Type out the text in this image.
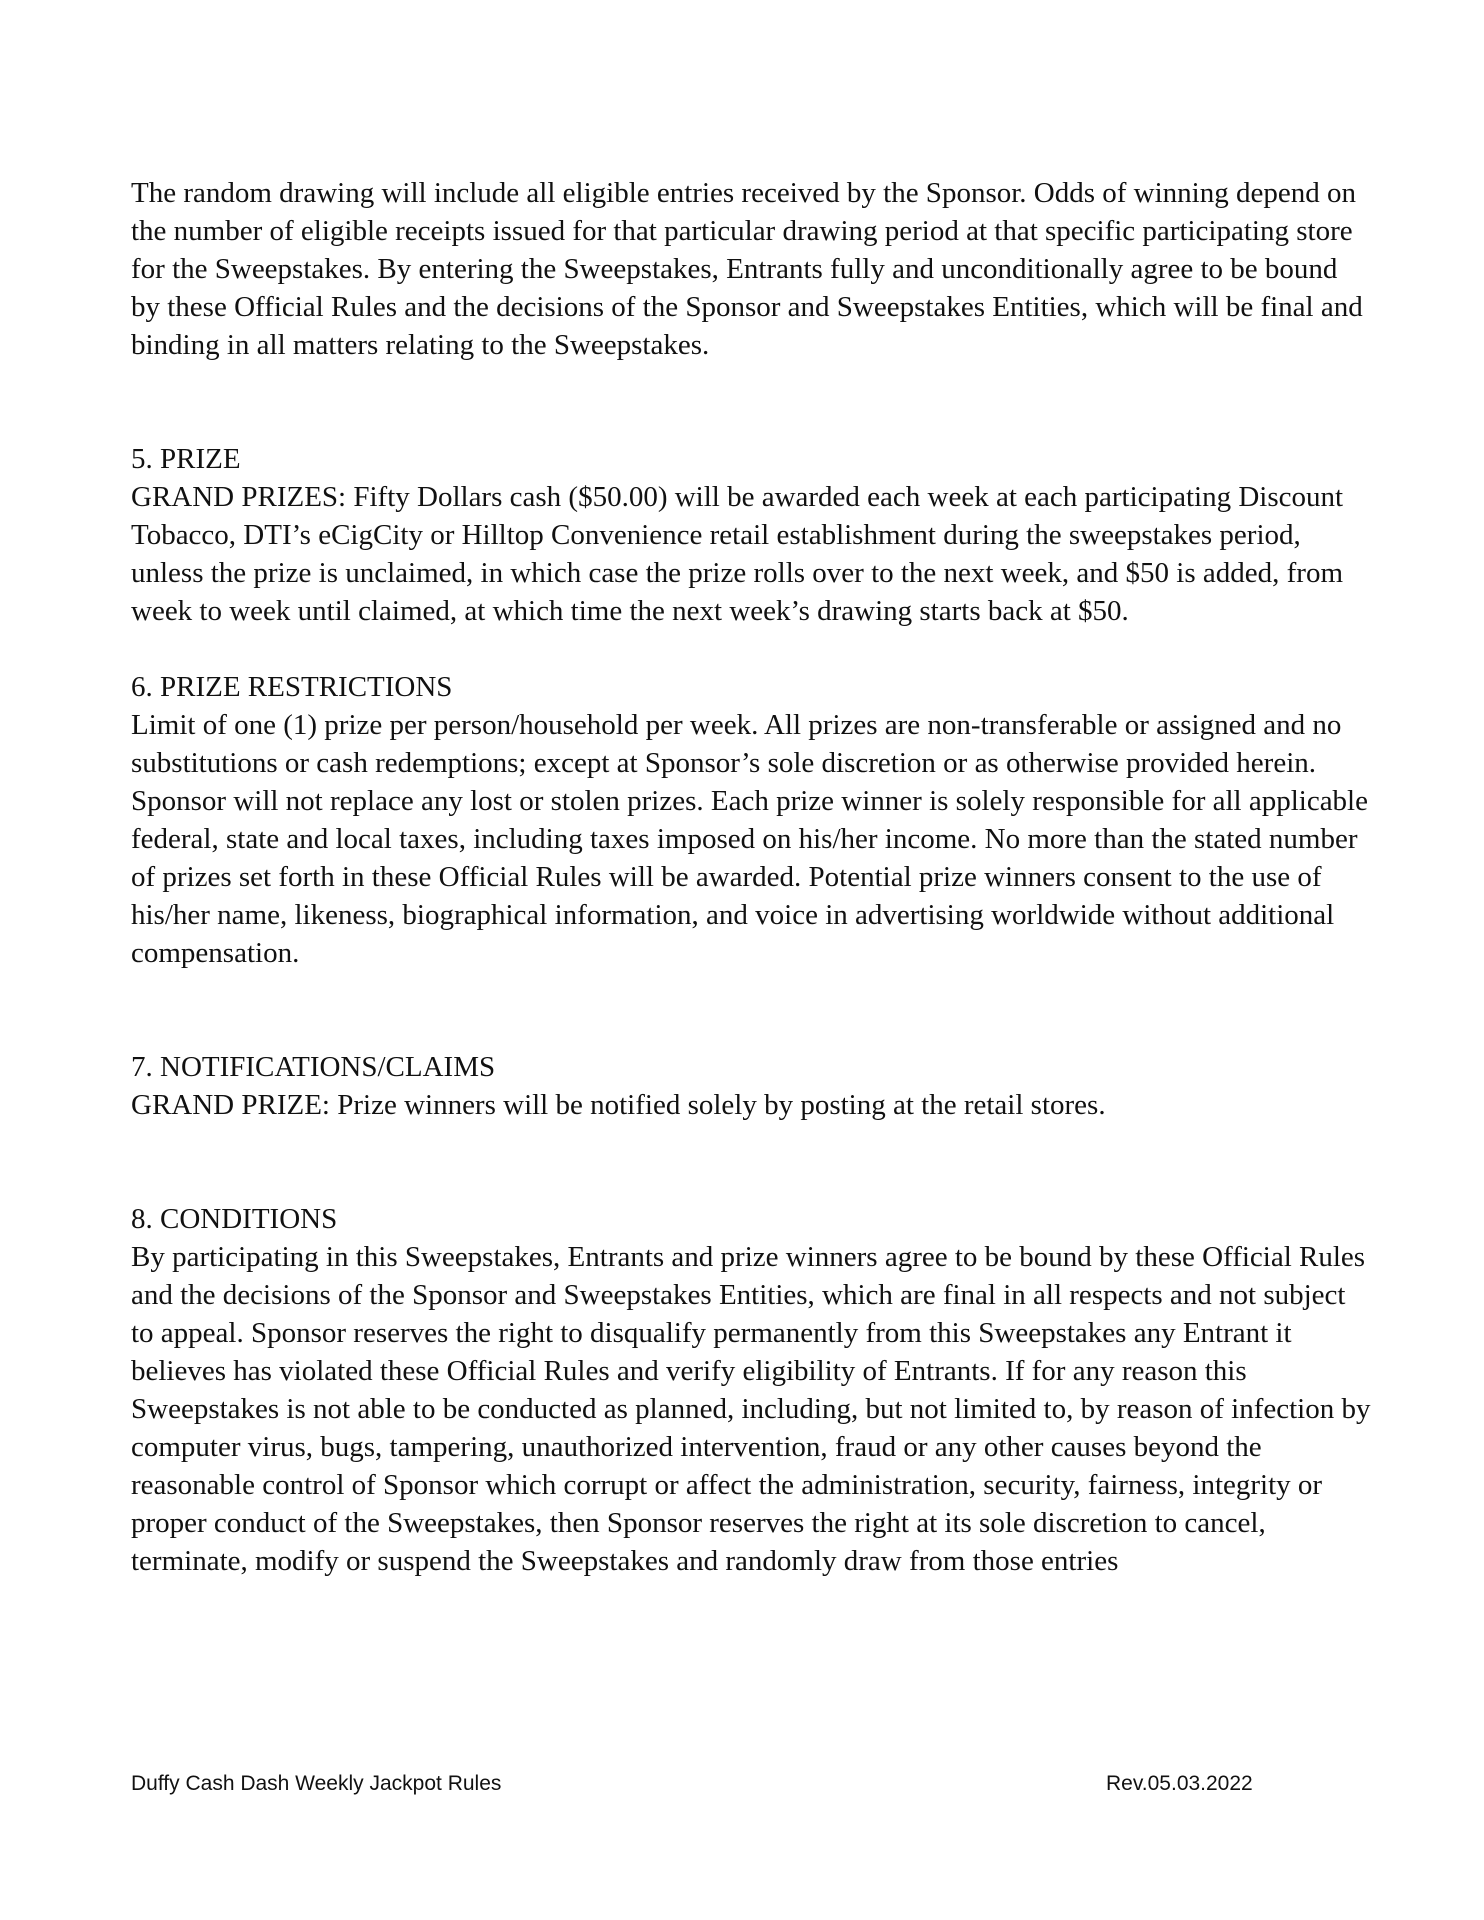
The random drawing will include all eligible entries received by the Sponsor. Odds of winning depend on the number of eligible receipts issued for that particular drawing period at that specific participating store for the Sweepstakes. By entering the Sweepstakes, Entrants fully and unconditionally agree to be bound by these Official Rules and the decisions of the Sponsor and Sweepstakes Entities, which will be final and binding in all matters relating to the Sweepstakes.

5. PRIZE

GRAND PRIZES: Fifty Dollars cash ($50.00) will be awarded each week at each participating Discount Tobacco, DTI’s eCigCity or Hilltop Convenience retail establishment during the sweepstakes period, unless the prize is unclaimed, in which case the prize rolls over to the next week, and $50 is added, from week to week until claimed, at which time the next week’s drawing starts back at $50.

6. PRIZE RESTRICTIONS

Limit of one (1) prize per person/household per week. All prizes are non-transferable or assigned and no substitutions or cash redemptions; except at Sponsor’s sole discretion or as otherwise provided herein. Sponsor will not replace any lost or stolen prizes. Each prize winner is solely responsible for all applicable federal, state and local taxes, including taxes imposed on his/her income. No more than the stated number of prizes set forth in these Official Rules will be awarded. Potential prize winners consent to the use of his/her name, likeness, biographical information, and voice in advertising worldwide without additional compensation.

7. NOTIFICATIONS/CLAIMS

GRAND PRIZE: Prize winners will be notified solely by posting at the retail stores.

8. CONDITIONS

By participating in this Sweepstakes, Entrants and prize winners agree to be bound by these Official Rules and the decisions of the Sponsor and Sweepstakes Entities, which are final in all respects and not subject to appeal. Sponsor reserves the right to disqualify permanently from this Sweepstakes any Entrant it believes has violated these Official Rules and verify eligibility of Entrants. If for any reason this Sweepstakes is not able to be conducted as planned, including, but not limited to, by reason of infection by computer virus, bugs, tampering, unauthorized intervention, fraud or any other causes beyond the reasonable control of Sponsor which corrupt or affect the administration, security, fairness, integrity or proper conduct of the Sweepstakes, then Sponsor reserves the right at its sole discretion to cancel, terminate, modify or suspend the Sweepstakes and randomly draw from those entries

Duffy Cash Dash Weekly Jackpot Rules	Rev.05.03.2022
